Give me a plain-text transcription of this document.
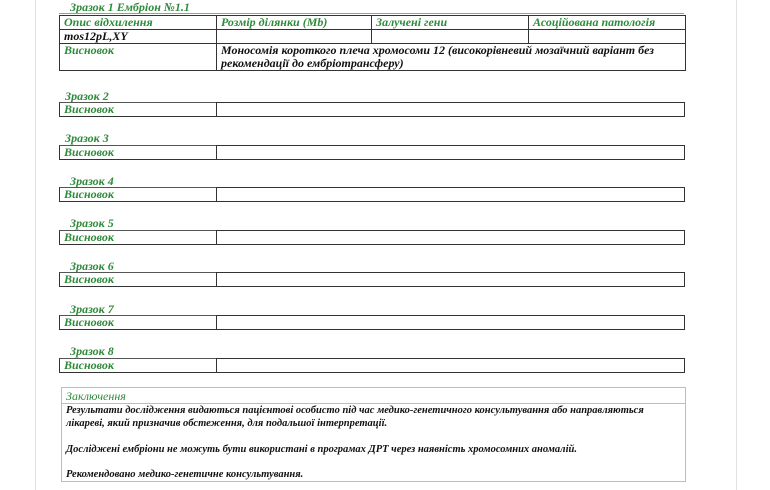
Зразок 1 Ембріон №1.1
Опис відхилення	Розмір ділянки (Mb)	Залучені гени	Асоційована патологія
mos12pL,XY			
Висновок	Моносомія короткого плеча хромосоми 12 (високорівневий мозаїчний варіант без рекомендації до ембріотрансферу)		
Зразок 2
Висновок
Зразок 3
Висновок
Зразок 4
Висновок
Зразок 5
Висновок
Зразок 6
Висновок
Зразок 7
Висновок
Зразок 8
Висновок
Заключення

Результати дослідження видаються пацієнтові особисто під час медико-генетичного консультування або направляються лікареві, який призначив обстеження, для подальшої інтерпретації.

Досліджені ембріони не можуть бути використані в програмах ДРТ через наявність хромосомних аномалій.

Рекомендовано медико-генетичне консультування.
